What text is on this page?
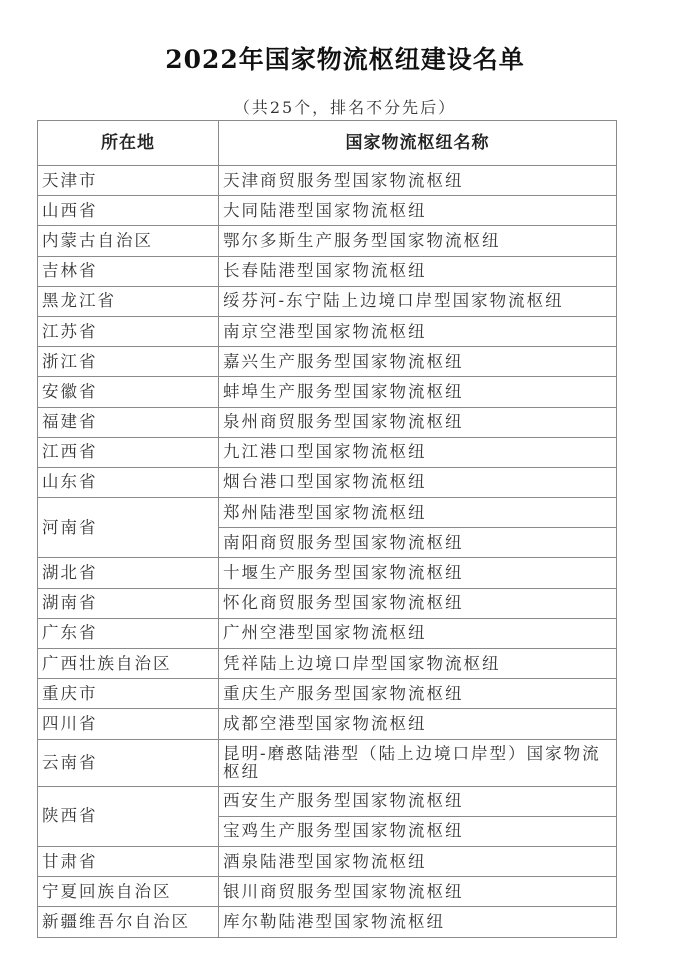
2022年国家物流枢纽建设名单
（共25个，排名不分先后）
所在地	国家物流枢纽名称
天津市	天津商贸服务型国家物流枢纽
山西省	大同陆港型国家物流枢纽
内蒙古自治区	鄂尔多斯生产服务型国家物流枢纽
吉林省	长春陆港型国家物流枢纽
黑龙江省	绥芬河-东宁陆上边境口岸型国家物流枢纽
江苏省	南京空港型国家物流枢纽
浙江省	嘉兴生产服务型国家物流枢纽
安徽省	蚌埠生产服务型国家物流枢纽
福建省	泉州商贸服务型国家物流枢纽
江西省	九江港口型国家物流枢纽
山东省	烟台港口型国家物流枢纽
河南省	郑州陆港型国家物流枢纽
	南阳商贸服务型国家物流枢纽
湖北省	十堰生产服务型国家物流枢纽
湖南省	怀化商贸服务型国家物流枢纽
广东省	广州空港型国家物流枢纽
广西壮族自治区	凭祥陆上边境口岸型国家物流枢纽
重庆市	重庆生产服务型国家物流枢纽
四川省	成都空港型国家物流枢纽
云南省	昆明-磨憨陆港型（陆上边境口岸型）国家物流枢纽
陕西省	西安生产服务型国家物流枢纽
	宝鸡生产服务型国家物流枢纽
甘肃省	酒泉陆港型国家物流枢纽
宁夏回族自治区	银川商贸服务型国家物流枢纽
新疆维吾尔自治区	库尔勒陆港型国家物流枢纽
